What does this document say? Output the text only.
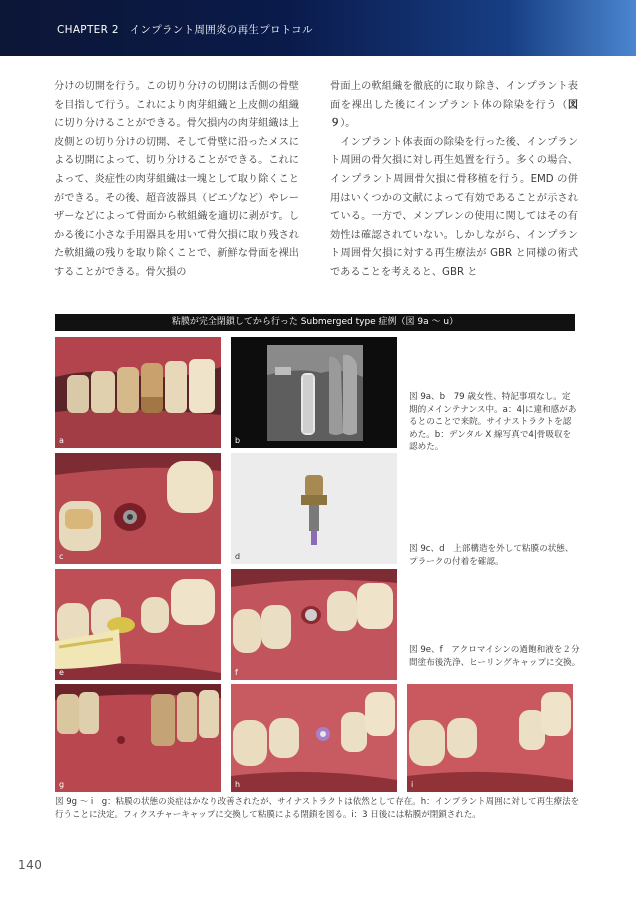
CHAPTER 2　インプラント周囲炎の再生プロトコル

分けの切開を行う。この切り分けの切開は舌側の骨壁を目指して行う。これにより肉芽組織と上皮側の組織に切り分けることができる。骨欠損内の肉芽組織は上皮側との切り分けの切開、そして骨壁に沿ったメスによる切開によって、切り分けることができる。これによって、炎症性の肉芽組織は一塊として取り除くことができる。その後、超音波器具（ピエゾなど）やレーザーなどによって骨面から軟組織を適切に剥がす。しかる後に小さな手用器具を用いて骨欠損に取り残された軟組織の残りを取り除くことで、新鮮な骨面を裸出することができる。骨欠損の

骨面上の軟組織を徹底的に取り除き、インプラント表面を裸出した後にインプラント体の除染を行う（図９）。

　インプラント体表面の除染を行った後、インプラント周囲の骨欠損に対し再生処置を行う。多くの場合、インプラント周囲骨欠損に骨移植を行う。EMD の併用はいくつかの文献によって有効であることが示されている。一方で、メンブレンの使用に関してはその有効性は確認されていない。しかしながら、インプラント周囲骨欠損に対する再生療法が GBR と同様の術式であることを考えると、GBR と

粘膜が完全閉鎖してから行った Submerged type 症例（図 9a ～ u）
a	b
図 9a、b　79 歳女性、特記事項なし。定期的メインテナンス中。a：4|に違和感があるとのことで来院。サイナストラクトを認めた。b：デンタル X 線写真で4|骨吸収を認めた。
c	d
図 9c、d　上部構造を外して粘膜の状態、プラークの付着を確認。
e	f
図 9e、f　アクロマイシンの過飽和液を２分間塗布後洗浄、ヒーリングキャップに交換。
g	h	i
図 9g ～ i　g：粘膜の状態の炎症はかなり改善されたが、サイナストラクトは依然として存在。h：インプラント周囲に対して再生療法を行うことに決定。フィクスチャーキャップに交換して粘膜による閉鎖を図る。i：3 日後には粘膜が閉鎖された。
140
